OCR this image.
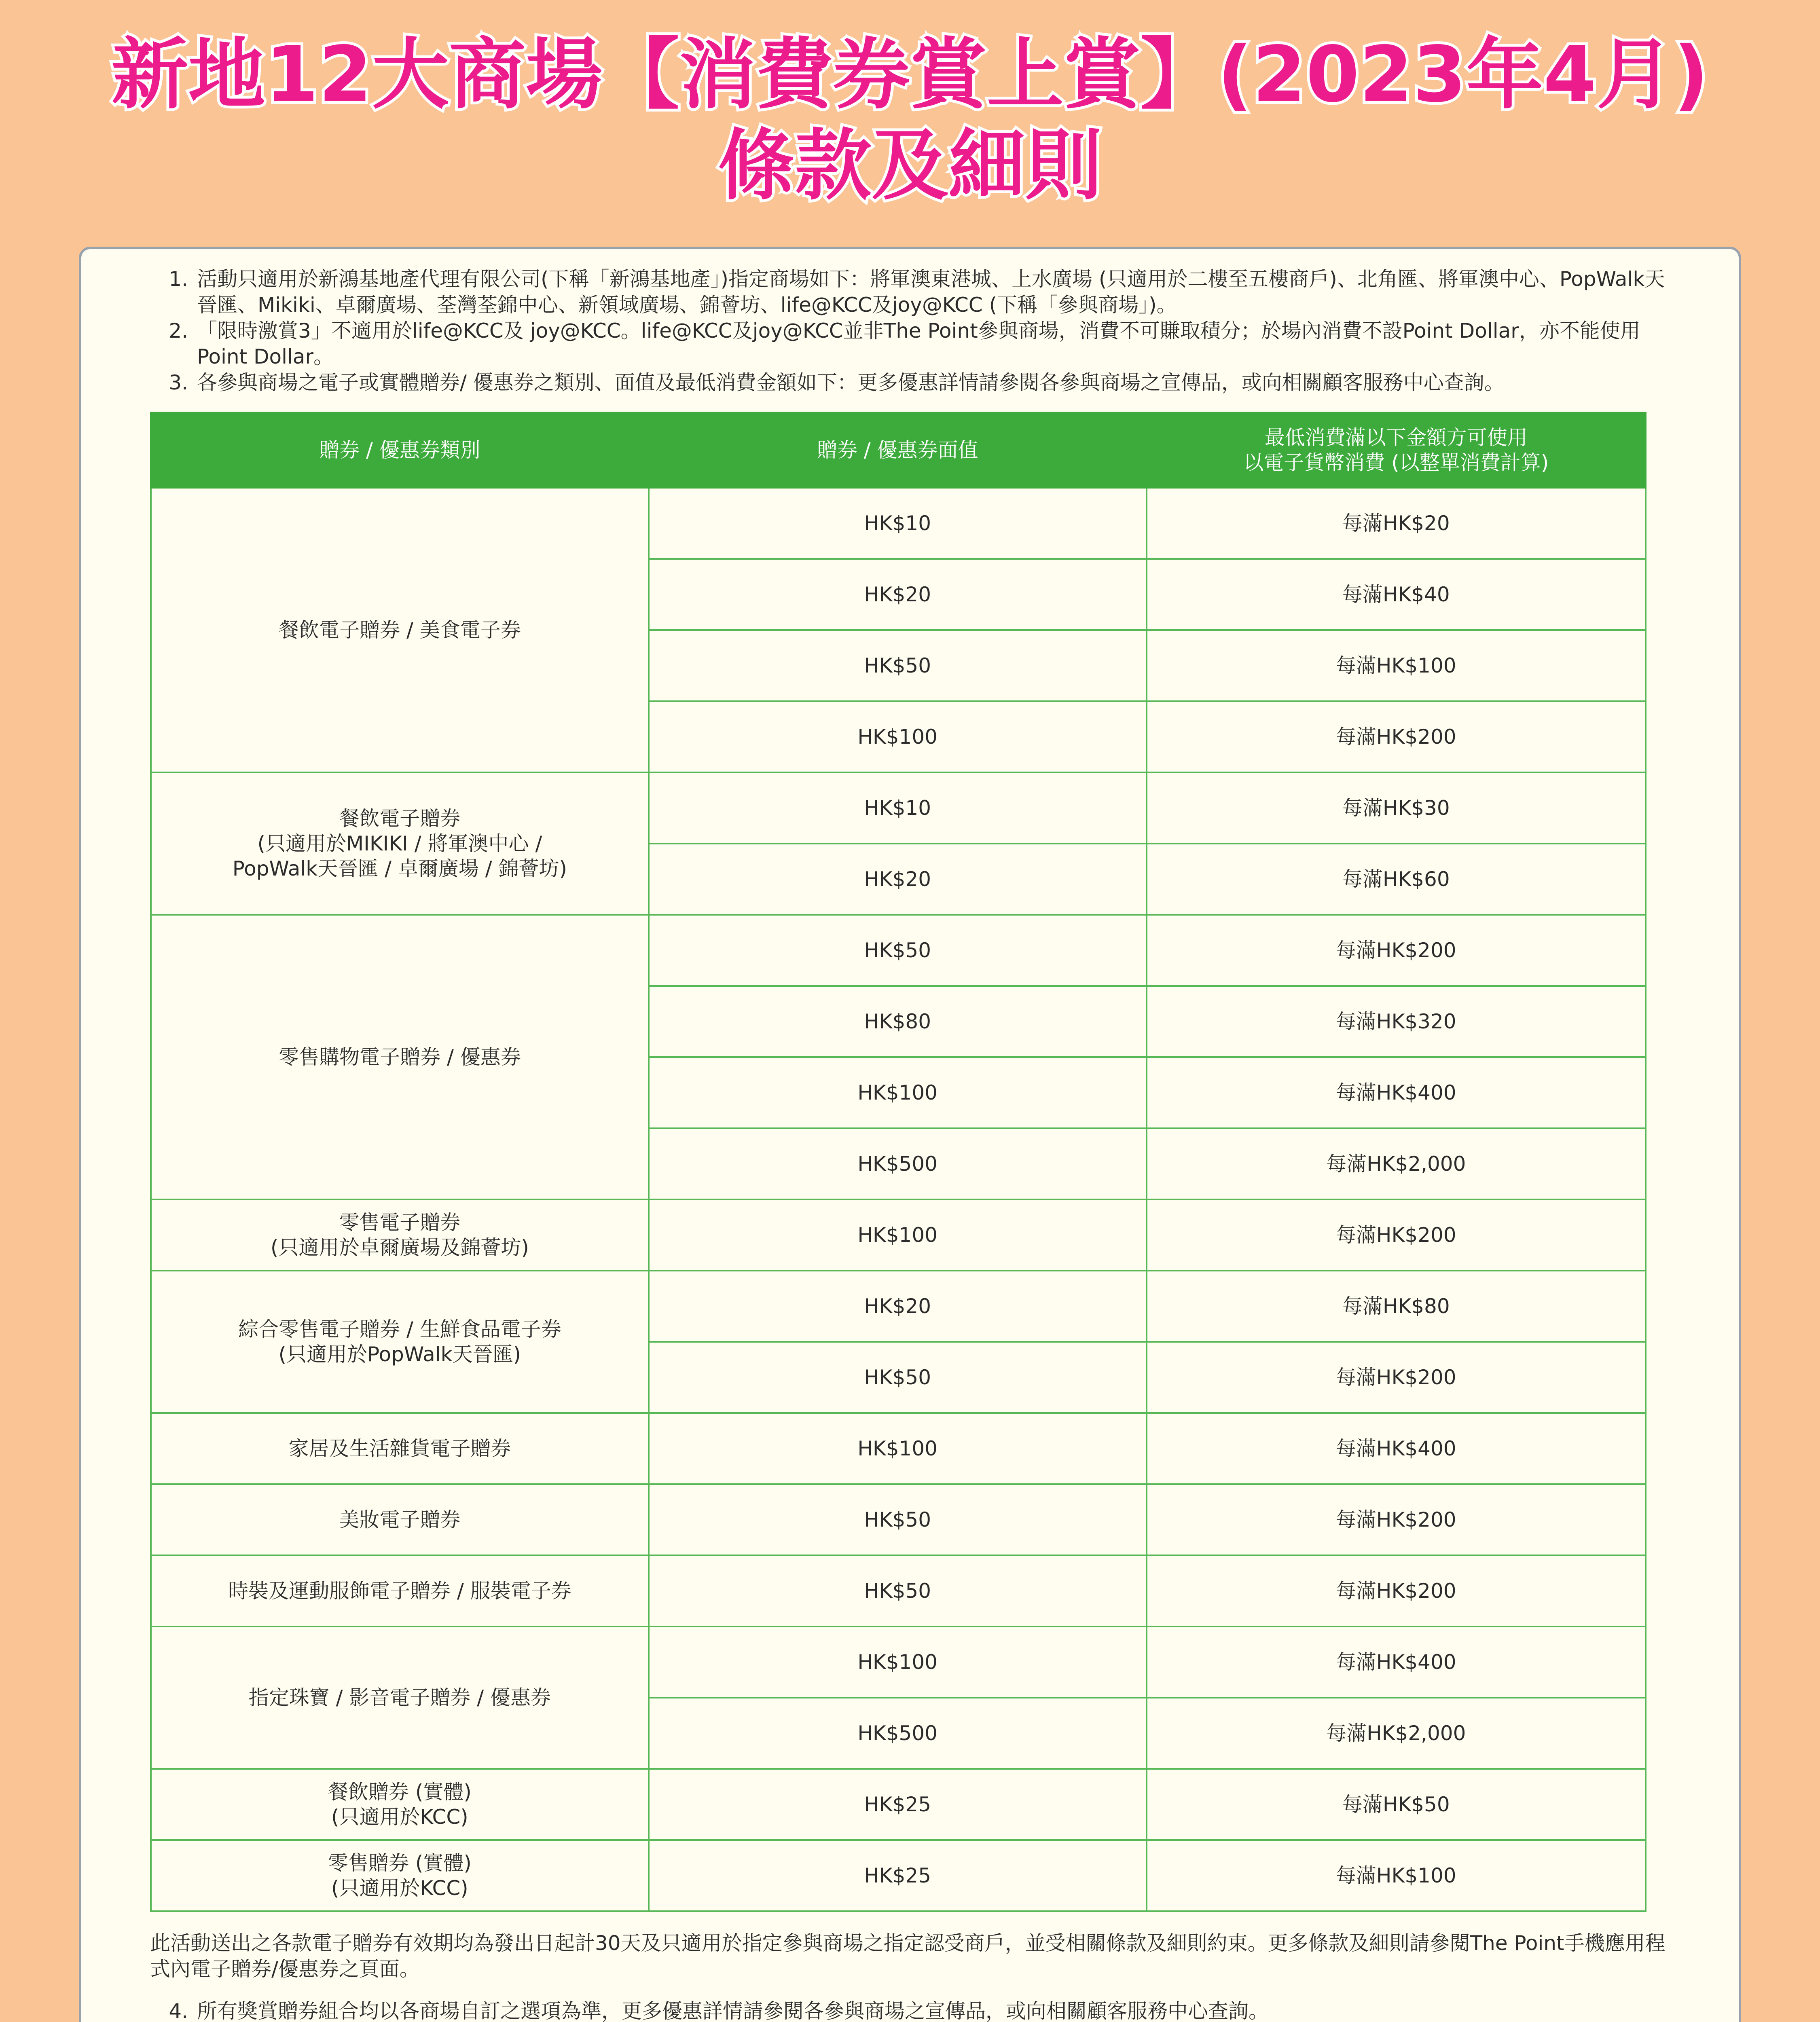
新地12大商場【消費券賞上賞】(2023年4月)
條款及細則
1. 活動只適用於新鴻基地產代理有限公司(下稱「新鴻基地產」)指定商場如下：將軍澳東港城、上水廣場 (只適用於二樓至五樓商戶)、北角匯、將軍澳中心、PopWalk天晉匯、Mikiki、卓爾廣場、荃灣荃錦中心、新領域廣場、錦薈坊、life@KCC及joy@KCC (下稱「參與商場」)。
2. 「限時激賞3」不適用於life@KCC及 joy@KCC。life@KCC及joy@KCC並非The Point參與商場，消費不可賺取積分；於場內消費不設Point Dollar，亦不能使用Point Dollar。
3. 各參與商場之電子或實體贈券/ 優惠券之類別、面值及最低消費金額如下：更多優惠詳情請參閱各參與商場之宣傳品，或向相關顧客服務中心查詢。
贈券 / 優惠券類別	贈券 / 優惠券面值	最低消費滿以下金額方可使用
以電子貨幣消費 (以整單消費計算)
餐飲電子贈券 / 美食電子券	HK$10	每滿HK$20
	HK$20	每滿HK$40
	HK$50	每滿HK$100
	HK$100	每滿HK$200
餐飲電子贈券
(只適用於MIKIKI / 將軍澳中心 /
PopWalk天晉匯 / 卓爾廣場 / 錦薈坊)	HK$10	每滿HK$30
	HK$20	每滿HK$60
零售購物電子贈券 / 優惠券	HK$50	每滿HK$200
	HK$80	每滿HK$320
	HK$100	每滿HK$400
	HK$500	每滿HK$2,000
零售電子贈券
(只適用於卓爾廣場及錦薈坊)	HK$100	每滿HK$200
綜合零售電子贈券 / 生鮮食品電子券
(只適用於PopWalk天晉匯)	HK$20	每滿HK$80
	HK$50	每滿HK$200
家居及生活雜貨電子贈券	HK$100	每滿HK$400
美妝電子贈券	HK$50	每滿HK$200
時裝及運動服飾電子贈券 / 服裝電子券	HK$50	每滿HK$200
指定珠寶 / 影音電子贈券 / 優惠券	HK$100	每滿HK$400
	HK$500	每滿HK$2,000
餐飲贈券 (實體)
(只適用於KCC)	HK$25	每滿HK$50
零售贈券 (實體)
(只適用於KCC)	HK$25	每滿HK$100

此活動送出之各款電子贈券有效期均為發出日起計30天及只適用於指定參與商場之指定認受商戶，並受相關條款及細則約束。更多條款及細則請參閱The Point手機應用程式內電子贈券/優惠券之頁面。

4. 所有獎賞贈券組合均以各商場自訂之選項為準，更多優惠詳情請參閱各參與商場之宣傳品，或向相關顧客服務中心查詢。
